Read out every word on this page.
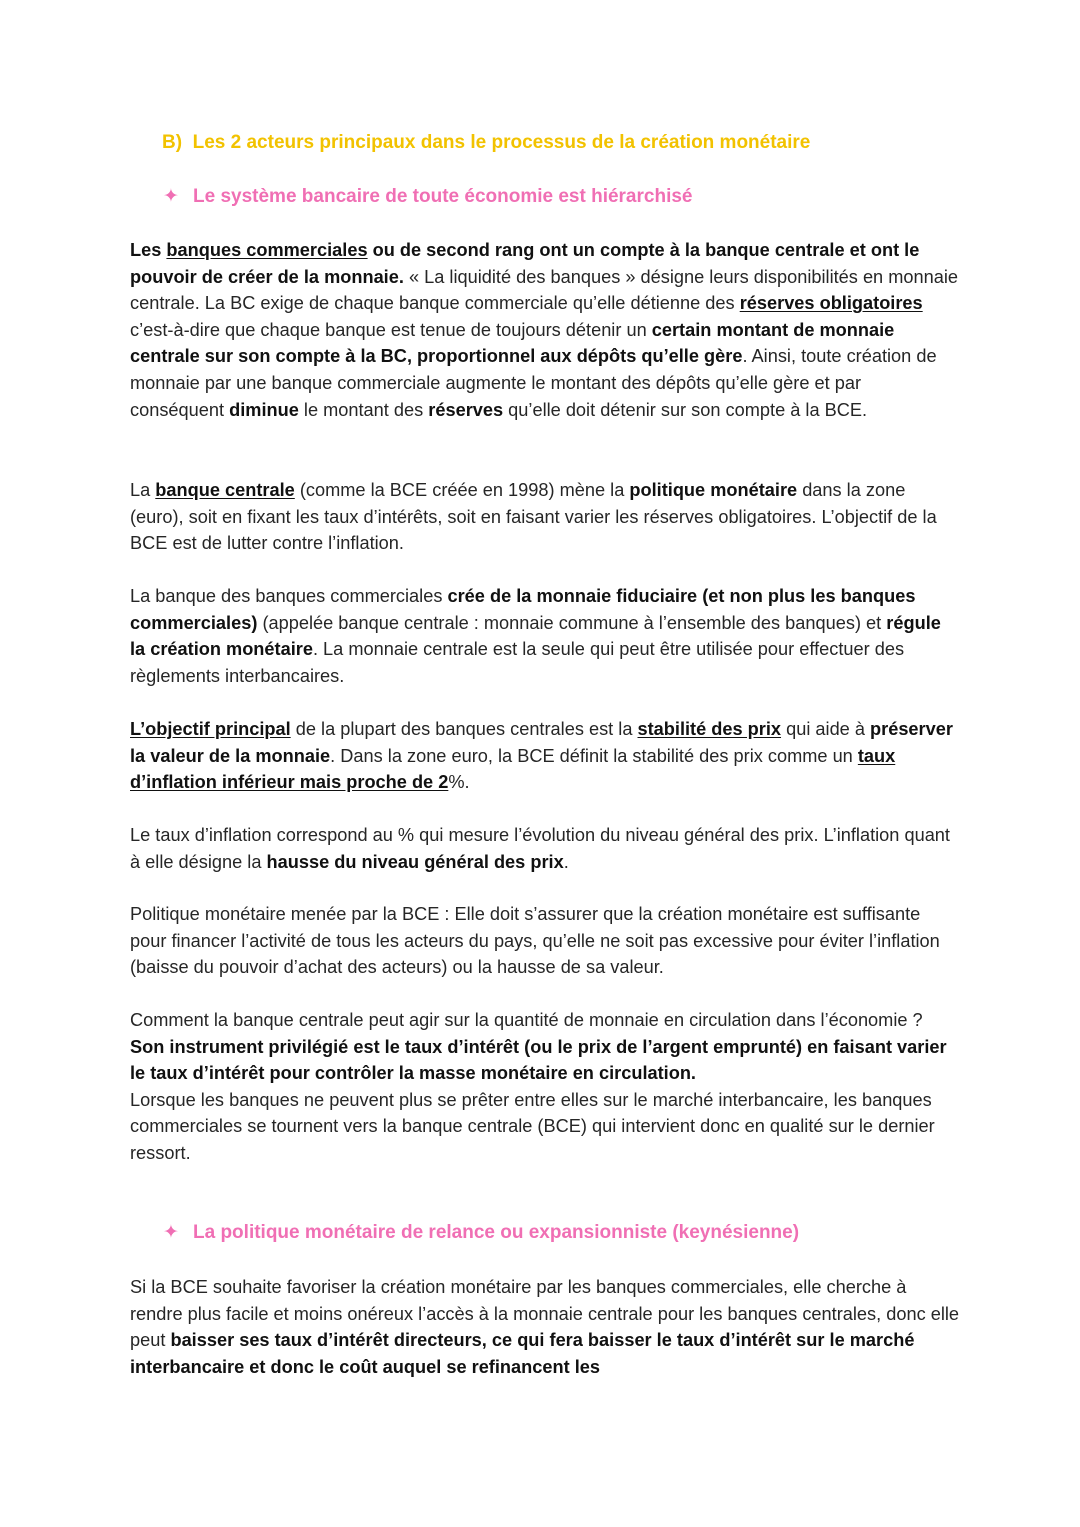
B) Les 2 acteurs principaux dans le processus de la création monétaire
✦ Le système bancaire de toute économie est hiérarchisé

Les banques commerciales ou de second rang ont un compte à la banque centrale et ont le pouvoir de créer de la monnaie. « La liquidité des banques » désigne leurs disponibilités en monnaie centrale. La BC exige de chaque banque commerciale qu’elle détienne des réserves obligatoires c’est-à-dire que chaque banque est tenue de toujours détenir un certain montant de monnaie centrale sur son compte à la BC, proportionnel aux dépôts qu’elle gère. Ainsi, toute création de monnaie par une banque commerciale augmente le montant des dépôts qu’elle gère et par conséquent diminue le montant des réserves qu’elle doit détenir sur son compte à la BCE.

La banque centrale (comme la BCE créée en 1998) mène la politique monétaire dans la zone (euro), soit en fixant les taux d’intérêts, soit en faisant varier les réserves obligatoires. L’objectif de la BCE est de lutter contre l’inflation.

La banque des banques commerciales crée de la monnaie fiduciaire (et non plus les banques commerciales) (appelée banque centrale : monnaie commune à l’ensemble des banques) et régule la création monétaire. La monnaie centrale est la seule qui peut être utilisée pour effectuer des règlements interbancaires.

L’objectif principal de la plupart des banques centrales est la stabilité des prix qui aide à préserver la valeur de la monnaie. Dans la zone euro, la BCE définit la stabilité des prix comme un taux d’inflation inférieur mais proche de 2%.

Le taux d’inflation correspond au % qui mesure l’évolution du niveau général des prix. L’inflation quant à elle désigne la hausse du niveau général des prix.

Politique monétaire menée par la BCE : Elle doit s’assurer que la création monétaire est suffisante pour financer l’activité de tous les acteurs du pays, qu’elle ne soit pas excessive pour éviter l’inflation (baisse du pouvoir d’achat des acteurs) ou la hausse de sa valeur.

Comment la banque centrale peut agir sur la quantité de monnaie en circulation dans l’économie ? Son instrument privilégié est le taux d’intérêt (ou le prix de l’argent emprunté) en faisant varier le taux d’intérêt pour contrôler la masse monétaire en circulation.
Lorsque les banques ne peuvent plus se prêter entre elles sur le marché interbancaire, les banques commerciales se tournent vers la banque centrale (BCE) qui intervient donc en qualité sur le dernier ressort.

✦ La politique monétaire de relance ou expansionniste (keynésienne)

Si la BCE souhaite favoriser la création monétaire par les banques commerciales, elle cherche à rendre plus facile et moins onéreux l’accès à la monnaie centrale pour les banques centrales, donc elle peut baisser ses taux d’intérêt directeurs, ce qui fera baisser le taux d’intérêt sur le marché interbancaire et donc le coût auquel se refinancent les
